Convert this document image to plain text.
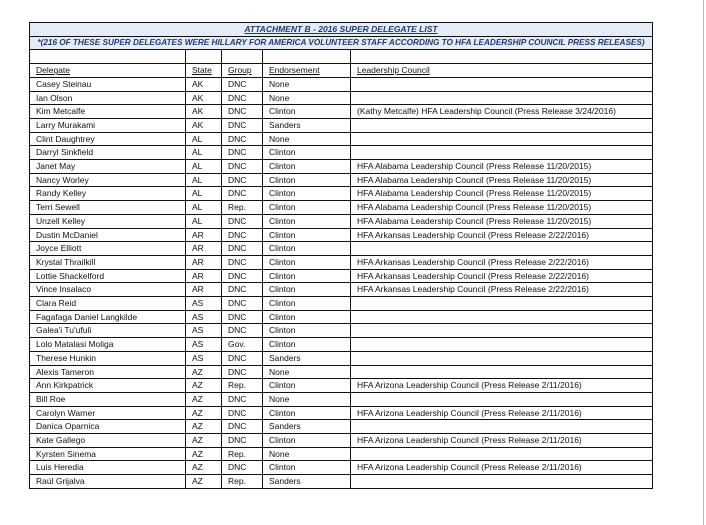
ATTACHMENT B - 2016 SUPER DELEGATE LIST				
*(216 OF THESE SUPER DELEGATES WERE HILLARY FOR AMERICA VOLUNTEER STAFF ACCORDING TO HFA LEADERSHIP COUNCIL PRESS RELEASES)				

Delegate	State	Group	Endorsement	Leadership Council
Casey Steinau	AK	DNC	None	
Ian Olson	AK	DNC	None	
Kim Metcalfe	AK	DNC	Clinton	(Kathy Metcalfe) HFA Leadership Council (Press Release 3/24/2016)
Larry Murakami	AK	DNC	Sanders	
Clint Daughtrey	AL	DNC	None	
Darryl Sinkfield	AL	DNC	Clinton	
Janet May	AL	DNC	Clinton	HFA Alabama Leadership Council (Press Release 11/20/2015)
Nancy Worley	AL	DNC	Clinton	HFA Alabama Leadership Council (Press Release 11/20/2015)
Randy Kelley	AL	DNC	Clinton	HFA Alabama Leadership Council (Press Release 11/20/2015)
Terri Sewell	AL	Rep.	Clinton	HFA Alabama Leadership Council (Press Release 11/20/2015)
Unzell Kelley	AL	DNC	Clinton	HFA Alabama Leadership Council (Press Release 11/20/2015)
Dustin McDaniel	AR	DNC	Clinton	HFA Arkansas Leadership Council (Press Release 2/22/2016)
Joyce Elliott	AR	DNC	Clinton	
Krystal Thrailkill	AR	DNC	Clinton	HFA Arkansas Leadership Council (Press Release 2/22/2016)
Lottie Shackelford	AR	DNC	Clinton	HFA Arkansas Leadership Council (Press Release 2/22/2016)
Vince Insalaco	AR	DNC	Clinton	HFA Arkansas Leadership Council (Press Release 2/22/2016)
Clara Reid	AS	DNC	Clinton	
Fagafaga Daniel Langkilde	AS	DNC	Clinton	
Galea'i Tu'ufuli	AS	DNC	Clinton	
Lolo Matalasi Moliga	AS	Gov.	Clinton	
Therese Hunkin	AS	DNC	Sanders	
Alexis Tameron	AZ	DNC	None	
Ann Kirkpatrick	AZ	Rep.	Clinton	HFA Arizona Leadership Council (Press Release 2/11/2016)
Bill Roe	AZ	DNC	None	
Carolyn Warner	AZ	DNC	Clinton	HFA Arizona Leadership Council (Press Release 2/11/2016)
Danica Oparnica	AZ	DNC	Sanders	
Kate Gallego	AZ	DNC	Clinton	HFA Arizona Leadership Council (Press Release 2/11/2016)
Kyrsten Sinema	AZ	Rep.	None	
Luis Heredia	AZ	DNC	Clinton	HFA Arizona Leadership Council (Press Release 2/11/2016)
Raúl Grijalva	AZ	Rep.	Sanders	
